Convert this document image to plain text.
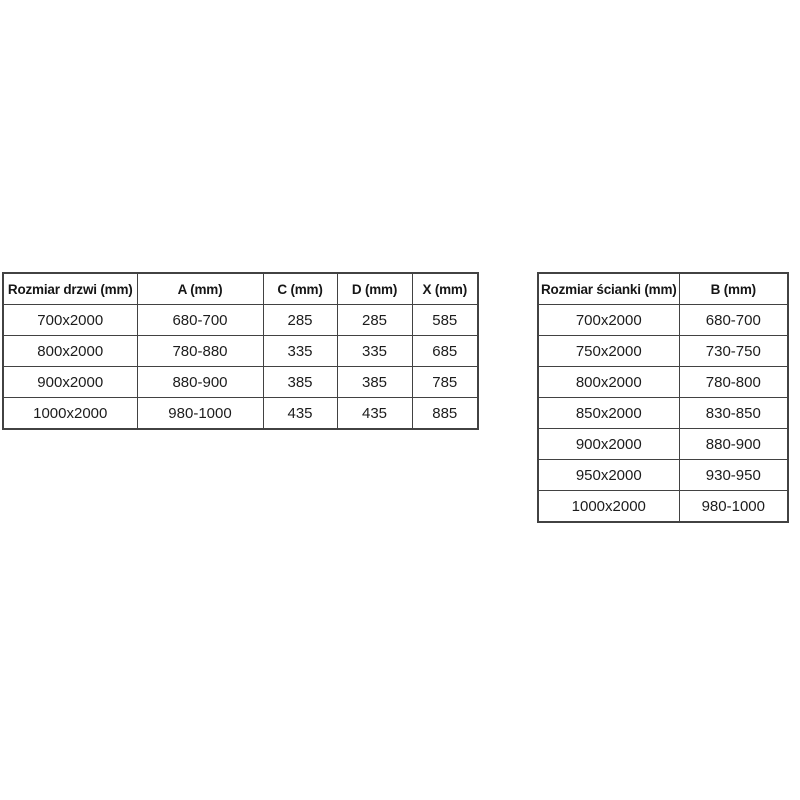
Rozmiar drzwi (mm)	A (mm)	C (mm)	D (mm)	X (mm)
700x2000	680-700	285	285	585
800x2000	780-880	335	335	685
900x2000	880-900	385	385	785
1000x2000	980-1000	435	435	885
Rozmiar ścianki (mm)	B (mm)
700x2000	680-700
750x2000	730-750
800x2000	780-800
850x2000	830-850
900x2000	880-900
950x2000	930-950
1000x2000	980-1000
